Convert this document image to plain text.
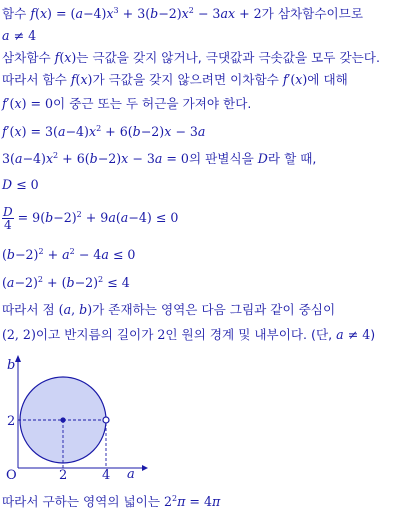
함수 $f(x) = (a-4)x^3 + 3(b-2)x^2 - 3ax + 2$가 삼차함수이므로
a ≠ 4
삼차함수 f(x)는 극값을 갖지 않거나, 극댓값과 극솟값을 모두 갖는다.
따라서 함수 f(x)가 극값을 갖지 않으려면 이차함수 f′(x)에 대해
f′(x) = 0이 중근 또는 두 허근을 가져야 한다.
$f'(x) = 3(a-4)x^2 + 6(b-2)x - 3a$
$3(a-4)x^2 + 6(b-2)x - 3a = 0$의 판별식을 D라 할 때,
D ≤ 0
$\frac{D}{4} = 9(b-2)^2 + 9a(a-4) \le 0$
$(b-2)^2 + a^2 - 4a \le 0$
$(a-2)^2 + (b-2)^2 \le 4$
따라서 점 (a, b)가 존재하는 영역은 다음 그림과 같이 중심이
(2, 2)이고 반지름의 길이가 2인 원의 경계 및 내부이다. (단, a ≠ 4)
b
2
O	2	4 a
따라서 구하는 영역의 넓이는 $2^2\pi = 4\pi$
